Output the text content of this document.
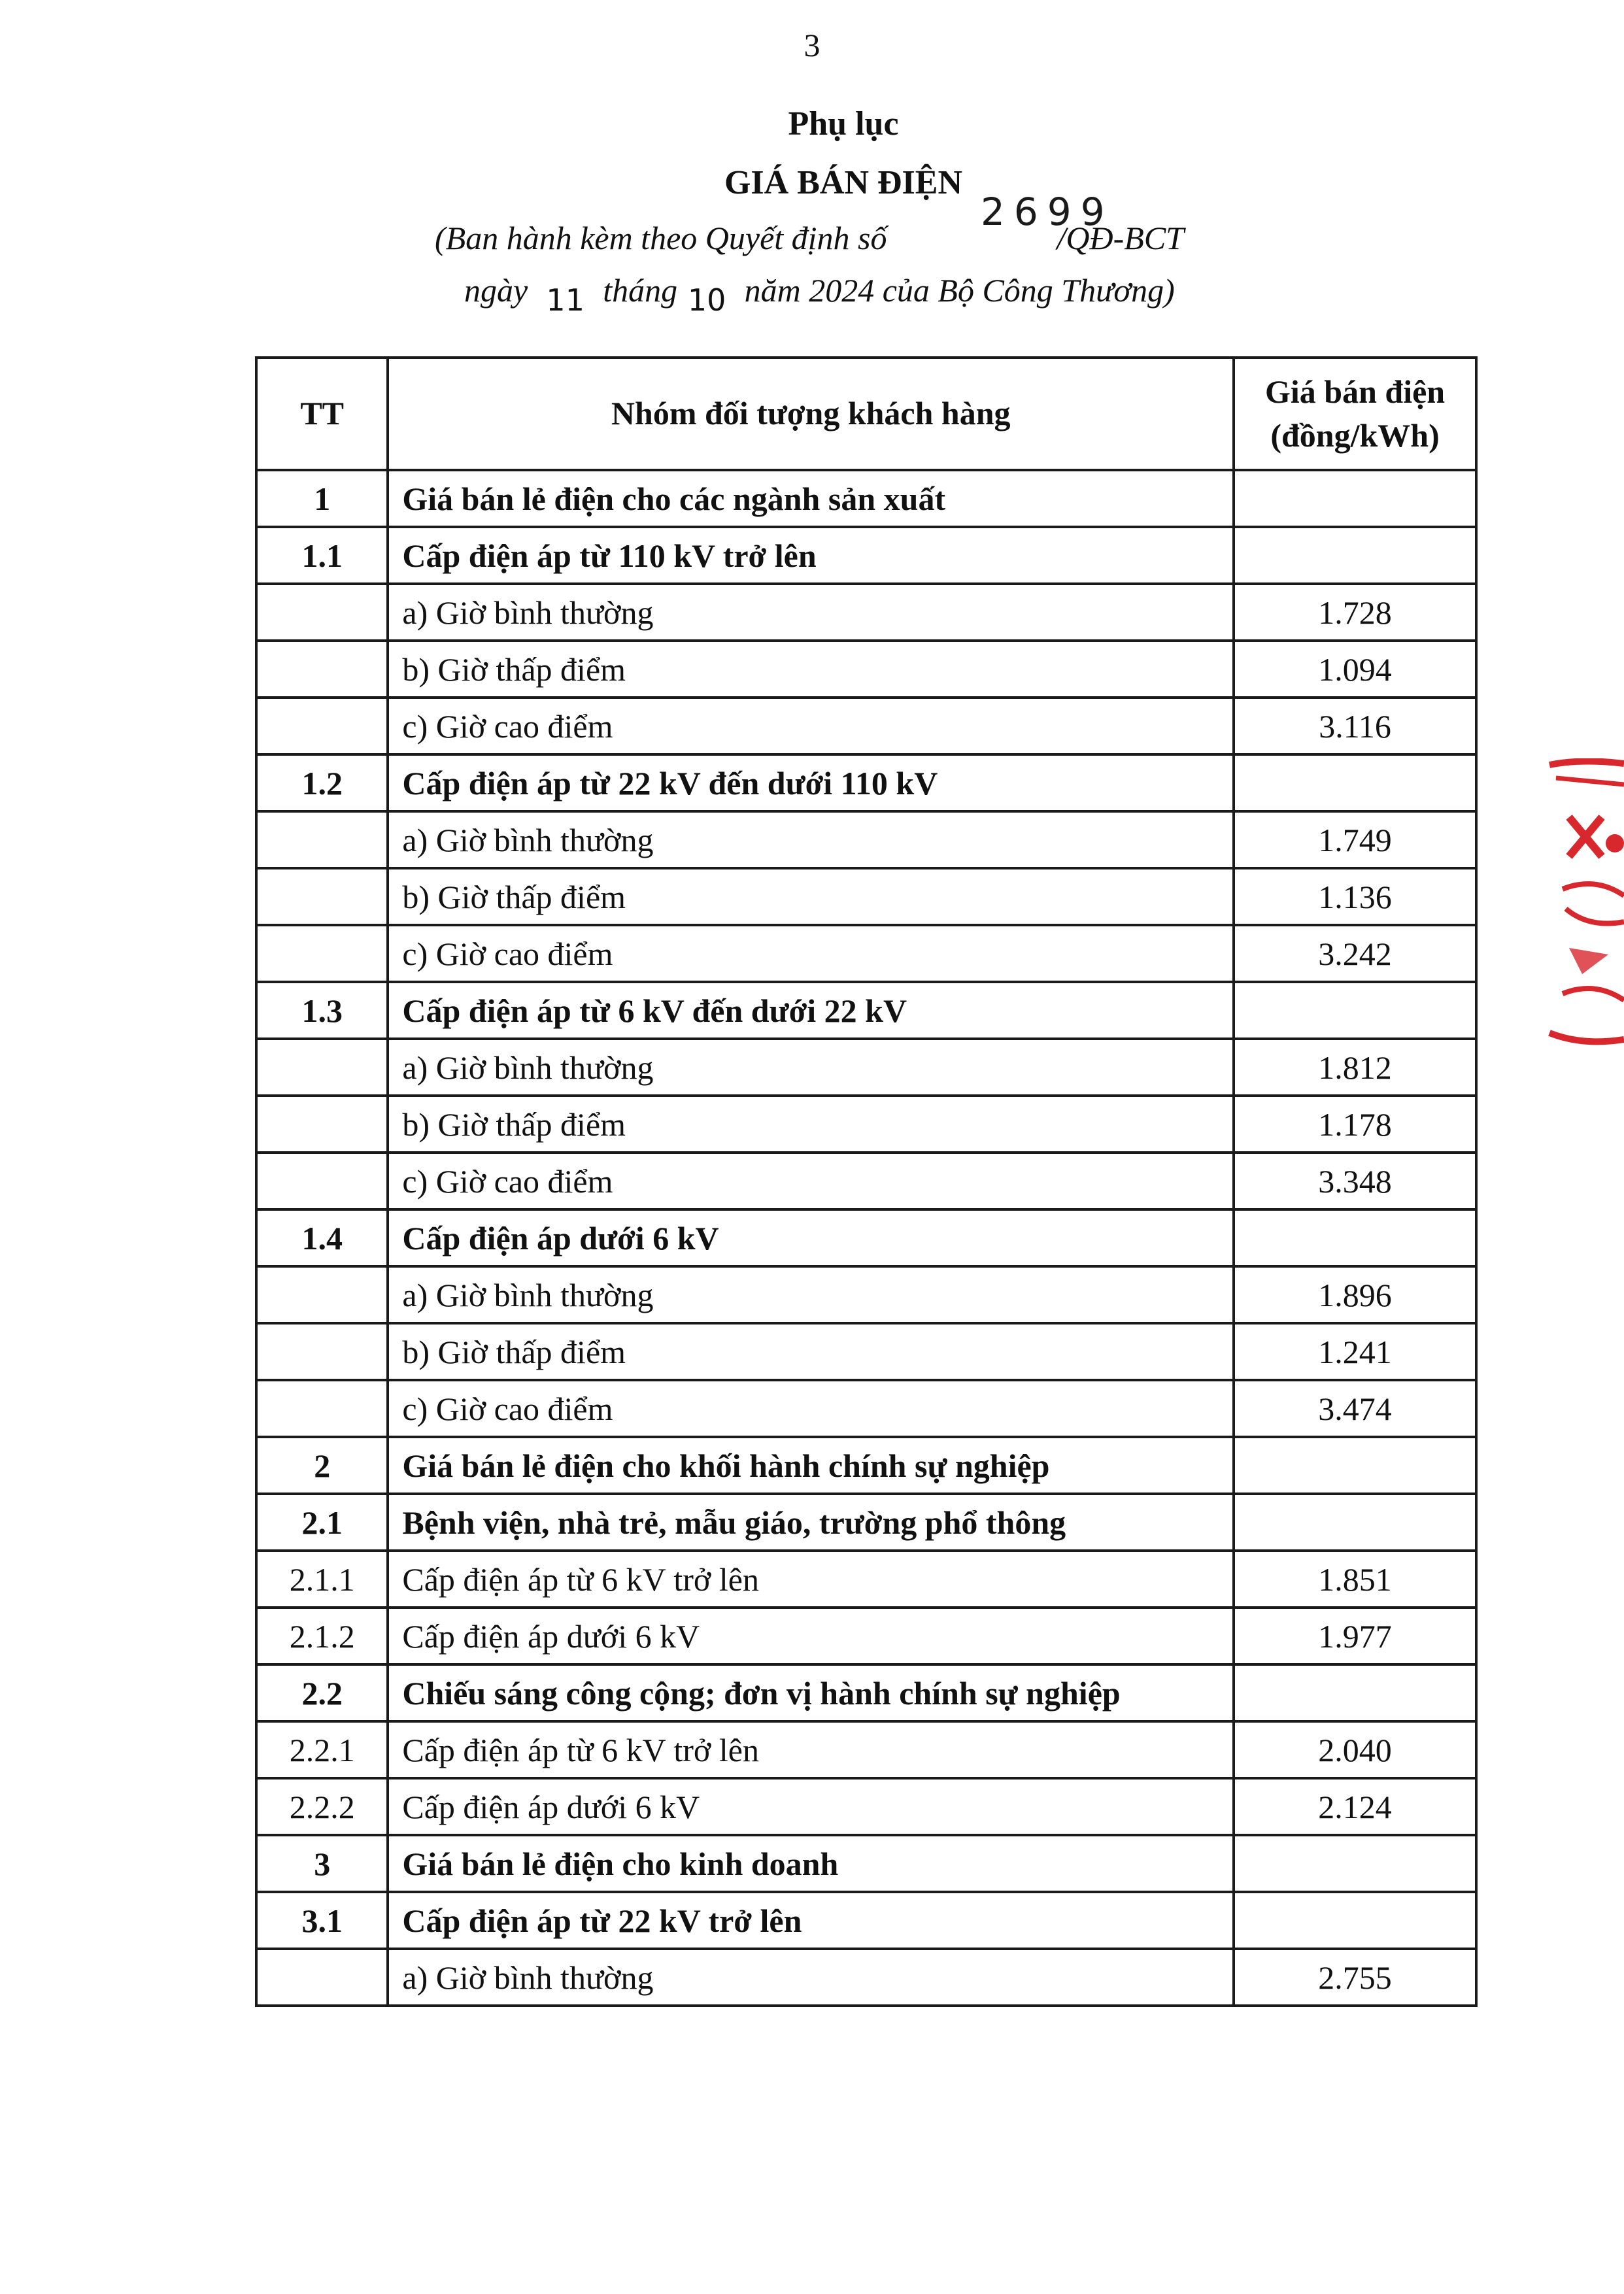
3
Phụ lục
GIÁ BÁN ĐIỆN
2699
(Ban hành kèm theo Quyết định số	/QĐ-BCT
ngày 11 tháng 10 năm 2024 của Bộ Công Thương)
TT	Nhóm đối tượng khách hàng	Giá bán điện
(đồng/kWh)
1	Giá bán lẻ điện cho các ngành sản xuất	
1.1	Cấp điện áp từ 110 kV trở lên	
	a) Giờ bình thường	1.728
	b) Giờ thấp điểm	1.094
	c) Giờ cao điểm	3.116
1.2	Cấp điện áp từ 22 kV đến dưới 110 kV	
	a) Giờ bình thường	1.749
	b) Giờ thấp điểm	1.136
	c) Giờ cao điểm	3.242
1.3	Cấp điện áp từ 6 kV đến dưới 22 kV	
	a) Giờ bình thường	1.812
	b) Giờ thấp điểm	1.178
	c) Giờ cao điểm	3.348
1.4	Cấp điện áp dưới 6 kV	
	a) Giờ bình thường	1.896
	b) Giờ thấp điểm	1.241
	c) Giờ cao điểm	3.474
2	Giá bán lẻ điện cho khối hành chính sự nghiệp	
2.1	Bệnh viện, nhà trẻ, mẫu giáo, trường phổ thông	
2.1.1	Cấp điện áp từ 6 kV trở lên	1.851
2.1.2	Cấp điện áp dưới 6 kV	1.977
2.2	Chiếu sáng công cộng; đơn vị hành chính sự nghiệp	
2.2.1	Cấp điện áp từ 6 kV trở lên	2.040
2.2.2	Cấp điện áp dưới 6 kV	2.124
3	Giá bán lẻ điện cho kinh doanh	
3.1	Cấp điện áp từ 22 kV trở lên	
	a) Giờ bình thường	2.755
